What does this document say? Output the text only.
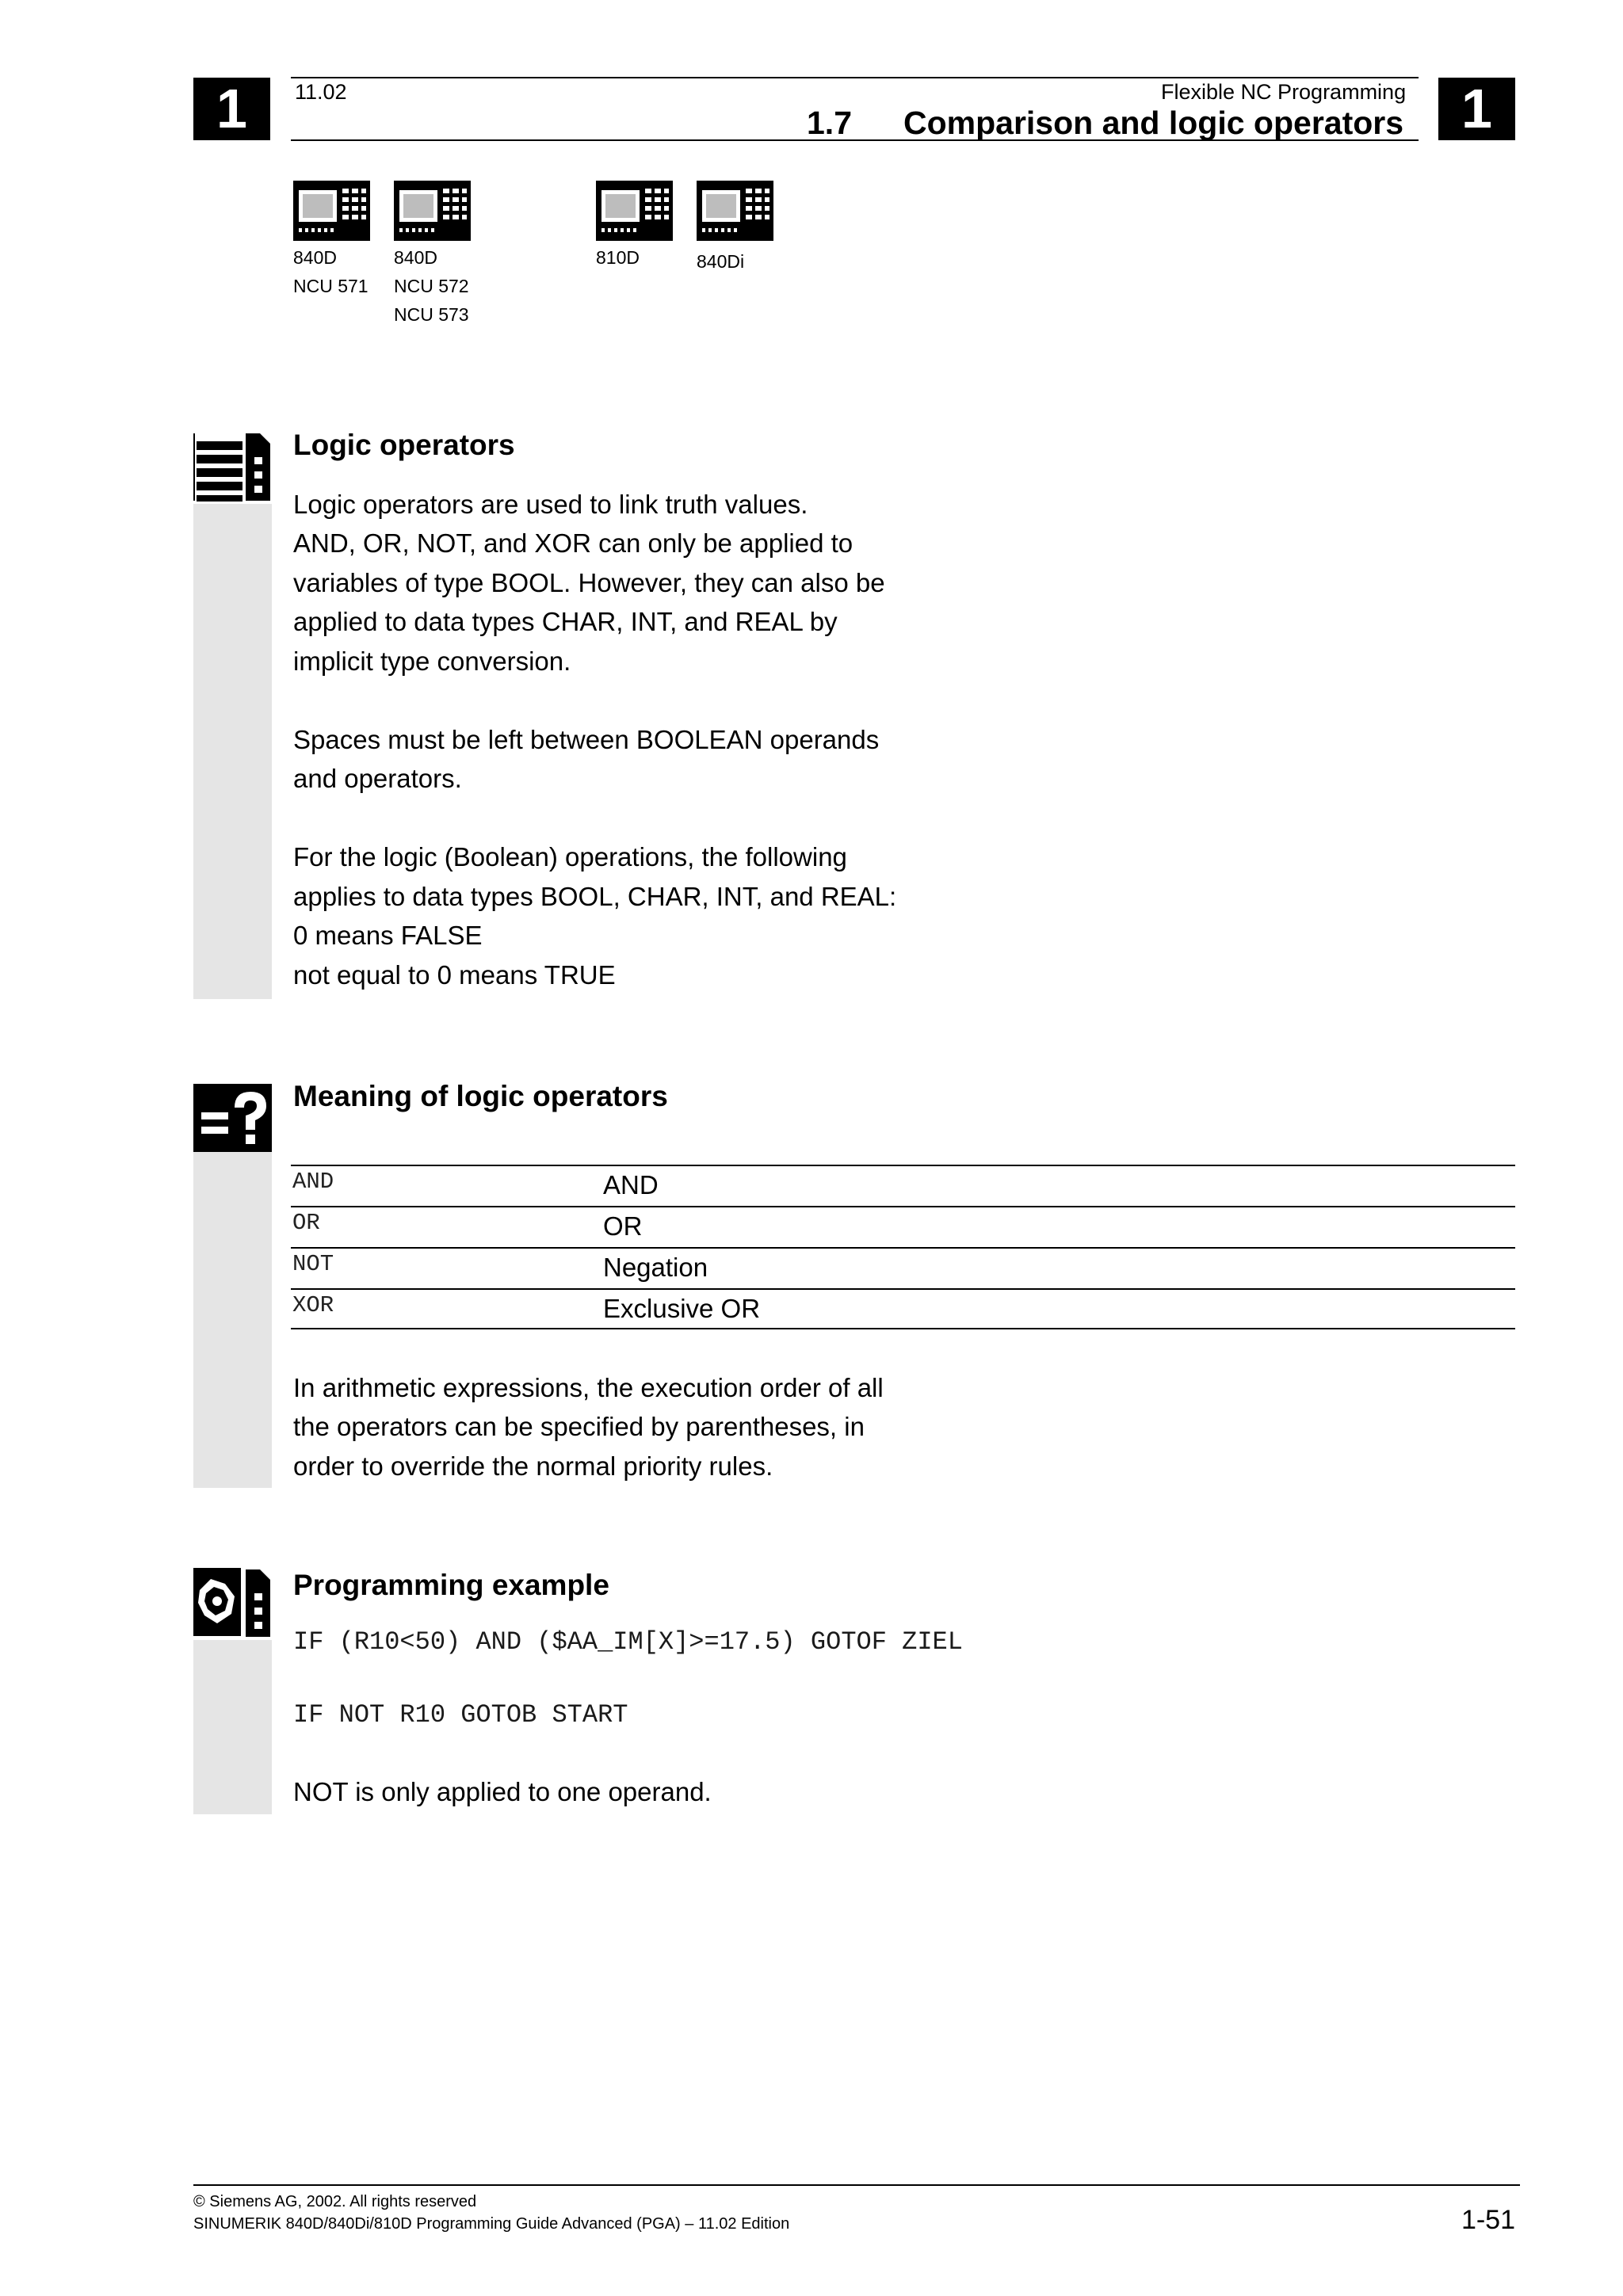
1	1
11.02	Flexible NC Programming
1.7 Comparison and logic operators
840D
NCU 571
840D
NCU 572
NCU 573
810D	840Di
Logic operators
Logic operators are used to link truth values.
AND, OR, NOT, and XOR can only be applied to
variables of type BOOL. However, they can also be
applied to data types CHAR, INT, and REAL by
implicit type conversion.
Spaces must be left between BOOLEAN operands
and operators.
For the logic (Boolean) operations, the following
applies to data types BOOL, CHAR, INT, and REAL:
0 means FALSE
not equal to 0 means TRUE
Meaning of logic operators
AND	AND
OR	OR
NOT	Negation
XOR	Exclusive OR
In arithmetic expressions, the execution order of all
the operators can be specified by parentheses, in
order to override the normal priority rules.
Programming example
IF (R10<50) AND ($AA_IM[X]>=17.5) GOTOF ZIEL
IF NOT R10 GOTOB START
NOT is only applied to one operand.
© Siemens AG, 2002. All rights reserved
SINUMERIK 840D/840Di/810D Programming Guide Advanced (PGA) – 11.02 Edition	1-51
